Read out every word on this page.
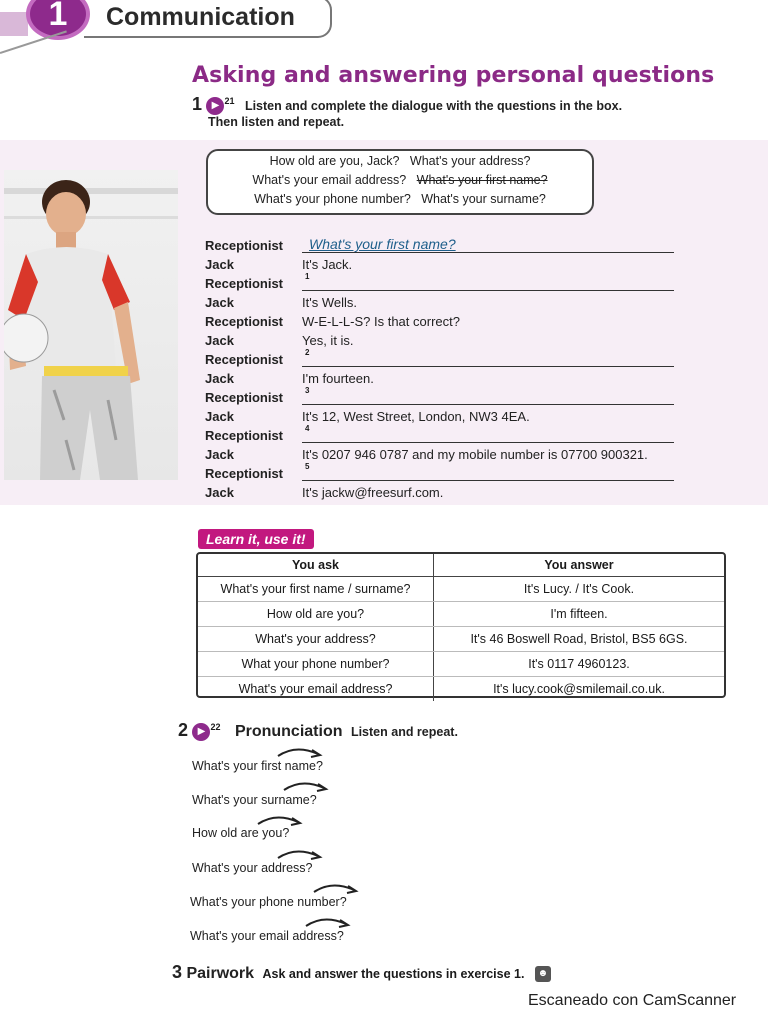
Communication
1
Asking and answering personal questions
1 ▶ $^{21}$ Listen and complete the dialogue with the questions in the box.
Then listen and repeat.
How old are you, Jack? What's your address?
What's your email address? What's your first name?
What's your phone number? What's your surname?
Receptionist What's your first name?
Jack	It's Jack.
Receptionist	1
Jack	It's Wells.
Receptionist W-E-L-L-S? Is that correct?
Jack	Yes, it is.
Receptionist	2
Jack	I'm fourteen.
Receptionist	3
Jack	It's 12, West Street, London, NW3 4EA.
Receptionist	4
Jack	It's 0207 946 0787 and my mobile number is 07700 900321.
Receptionist	5
Jack	It's jackw@freesurf.com.
Learn it, use it!
You ask	You answer
What's your first name / surname?	It's Lucy. / It's Cook.
How old are you?	I'm fifteen.
What's your address?	It's 46 Boswell Road, Bristol, BS5 6GS.
What your phone number?	It's 0117 4960123.
What's your email address?	It's lucy.cook@smilemail.co.uk.
2 ▶ $^{22}$ Pronunciation Listen and repeat.
What's your first name?
What's your surname?
How old are you?
What's your address?
What's your phone number?
What's your email address?
3 Pairwork Ask and answer the questions in exercise 1. ☻
Escaneado con CamScanner
